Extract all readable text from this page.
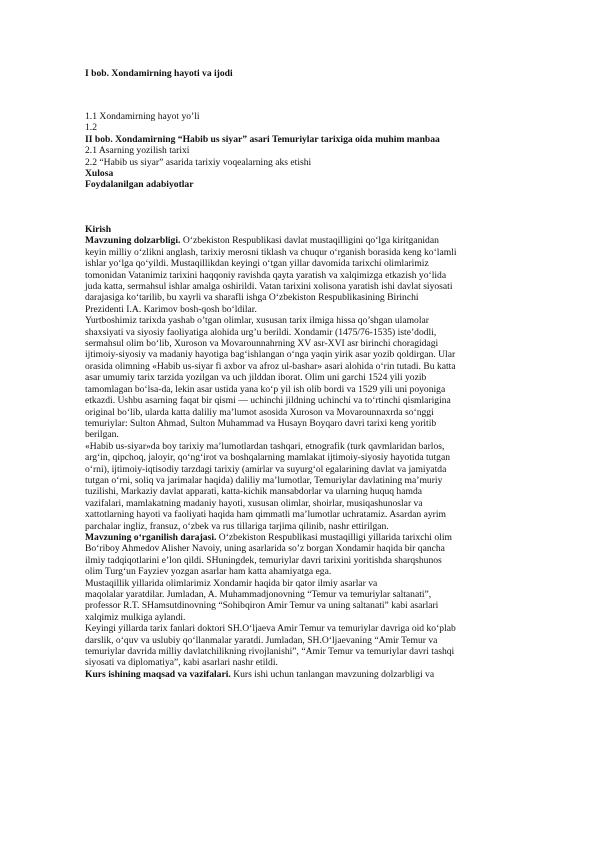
I bob. Xondamirning hayoti va ijodi
1.1 Xondamirning hayot yo’li
1.2
II bob. Xondamirning “Habib us siyar” asari Temuriylar tarixiga oida muhim manbaa
2.1 Asarning yozilish tarixi
2.2 “Habib us siyar” asarida tarixiy voqealarning aks etishi
Xulosa
Foydalanilgan adabiyotlar
Kirish
Mavzuning dolzarbligi. O‘zbekiston Respublikasi davlat mustaqilligini qo‘lga kiritganidan
keyin milliy o‘zlikni anglash, tarixiy merosni tiklash va chuqur o‘rganish borasida keng ko‘lamli
ishlar yo‘lga qo‘yildi. Mustaqillikdan keyingi o‘tgan yillar davomida tarixchi olimlarimiz
tomonidan Vatanimiz tarixini haqqoniy ravishda qayta yaratish va xalqimizga etkazish yo‘lida
juda katta, sermahsul ishlar amalga oshirildi. Vatan tarixini xolisona yaratish ishi davlat siyosati
darajasiga ko‘tarilib, bu xayrli va sharafli ishga O‘zbekiston Respublikasining Birinchi
Prezidenti I.A. Karimov bosh-qosh bo‘ldilar.
Yurtboshimiz tarixda yashab o’tgan olimlar, xususan tarix ilmiga hissa qo’shgan ulamolar
shaxsiyati va siyosiy faoliyatiga alohida urg’u berildi. Xondamir (1475/76-1535) iste’dodli,
sermahsul olim bo‘lib, Xuroson va Movarounnahrning XV asr-XVI asr birinchi choragidagi
ijtimoiy-siyosiy va madaniy hayotiga bag‘ishlangan o‘nga yaqin yirik asar yozib qoldirgan. Ular
orasida olimning «Habib us-siyar fi axbor va afroz ul-bashar» asari alohida o‘rin tutadi. Bu katta
asar umumiy tarix tarzida yozilgan va uch jilddan iborat. Olim uni garchi 1524 yili yozib
tamomlagan bo‘lsa-da, lekin asar ustida yana ko‘p yil ish olib bordi va 1529 yili uni poyoniga
etkazdi. Ushbu asarning faqat bir qismi — uchinchi jildning uchinchi va to‘rtinchi qismlarigina
original bo‘lib, ularda katta daliliy ma’lumot asosida Xuroson va Movarounnaxrda so‘nggi
temuriylar: Sulton Ahmad, Sulton Muhammad va Husayn Boyqaro davri tarixi keng yoritib
berilgan.
«Habib us-siyar»da boy tarixiy ma’lumotlardan tashqari, etnografik (turk qavmlaridan barlos,
arg‘in, qipchoq, jaloyir, qo‘ng‘irot va boshqalarning mamlakat ijtimoiy-siyosiy hayotida tutgan
o‘rni), ijtimoiy-iqtisodiy tarzdagi tarixiy (amirlar va suyurg‘ol egalarining davlat va jamiyatda
tutgan o‘rni, soliq va jarimalar haqida) daliliy ma’lumotlar, Temuriylar davlatining ma’muriy
tuzilishi, Markaziy davlat apparati, katta-kichik mansabdorlar va ularning huquq hamda
vazifalari, mamlakatning madaniy hayoti, xususan olimlar, shoirlar, musiqashunoslar va
xattotlarning hayoti va faoliyati haqida ham qimmatli ma’lumotlar uchratamiz. Asardan ayrim
parchalar ingliz, fransuz, o‘zbek va rus tillariga tarjima qilinib, nashr ettirilgan.
Mavzuning o‘rganilish darajasi. O‘zbekiston Respublikasi mustaqilligi yillarida tarixchi olim
Bo‘riboy Ahmedov Alisher Navoiy, uning asarlarida so’z borgan Xondamir haqida bir qancha
ilmiy tadqiqotlarini e’lon qildi. SHuningdek, temuriylar davri tarixini yoritishda sharqshunos
olim Turg‘un Fayziev yozgan asarlar ham katta ahamiyatga ega.
Mustaqillik yillarida olimlarimiz Xondamir haqida bir qator ilmiy asarlar va
maqolalar yaratdilar. Jumladan, A. Muhammadjonovning “Temur va temuriylar saltanati”,
professor R.T. SHamsutdinovning “Sohibqiron Amir Temur va uning saltanati” kabi asarlari
xalqimiz mulkiga aylandi.
Keyingi yillarda tarix fanlari doktori SH.O‘ljaeva Amir Temur va temuriylar davriga oid ko‘plab
darslik, o‘quv va uslubiy qo‘llanmalar yaratdi. Jumladan, SH.O‘ljaevaning “Amir Temur va
temuriylar davrida milliy davlatchilikning rivojlanishi”, “Amir Temur va temuriylar davri tashqi
siyosati va diplomatiya”, kabi asarlari nashr etildi.
Kurs ishining maqsad va vazifalari. Kurs ishi uchun tanlangan mavzuning dolzarbligi va
